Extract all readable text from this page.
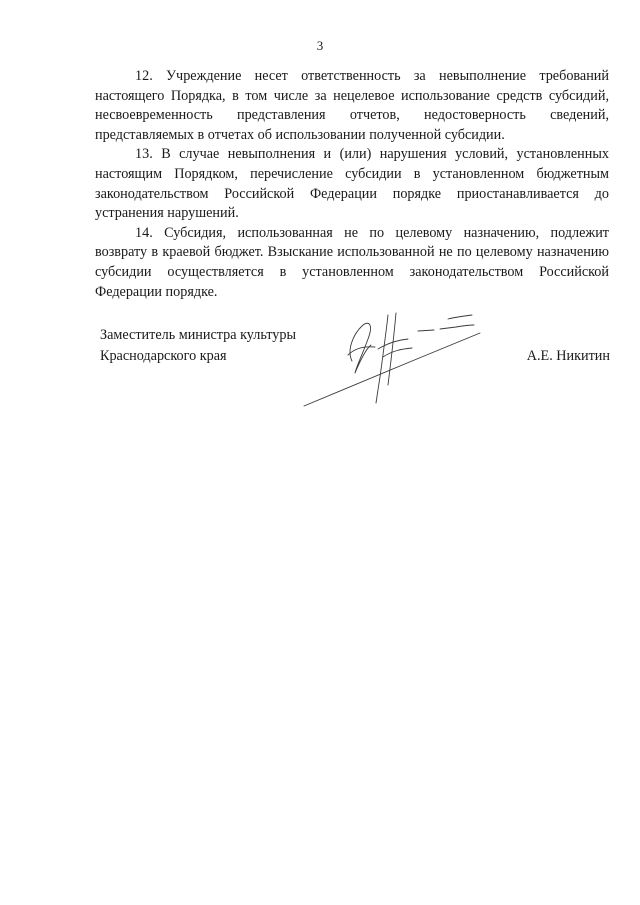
3

12. Учреждение несет ответственность за невыполнение требований настоящего Порядка, в том числе за нецелевое использование средств субсидий, несвоевременность представления отчетов, недостоверность сведений, представляемых в отчетах об использовании полученной субсидии.

13. В случае невыполнения и (или) нарушения условий, установленных настоящим Порядком, перечисление субсидии в установленном бюджетным законодательством Российской Федерации порядке приостанавливается до устранения нарушений.

14. Субсидия, использованная не по целевому назначению, подлежит возврату в краевой бюджет. Взыскание использованной не по целевому назначению субсидии осуществляется в установленном законодательством Российской Федерации порядке.

Заместитель министра культуры
Краснодарского края	А.Е. Никитин
